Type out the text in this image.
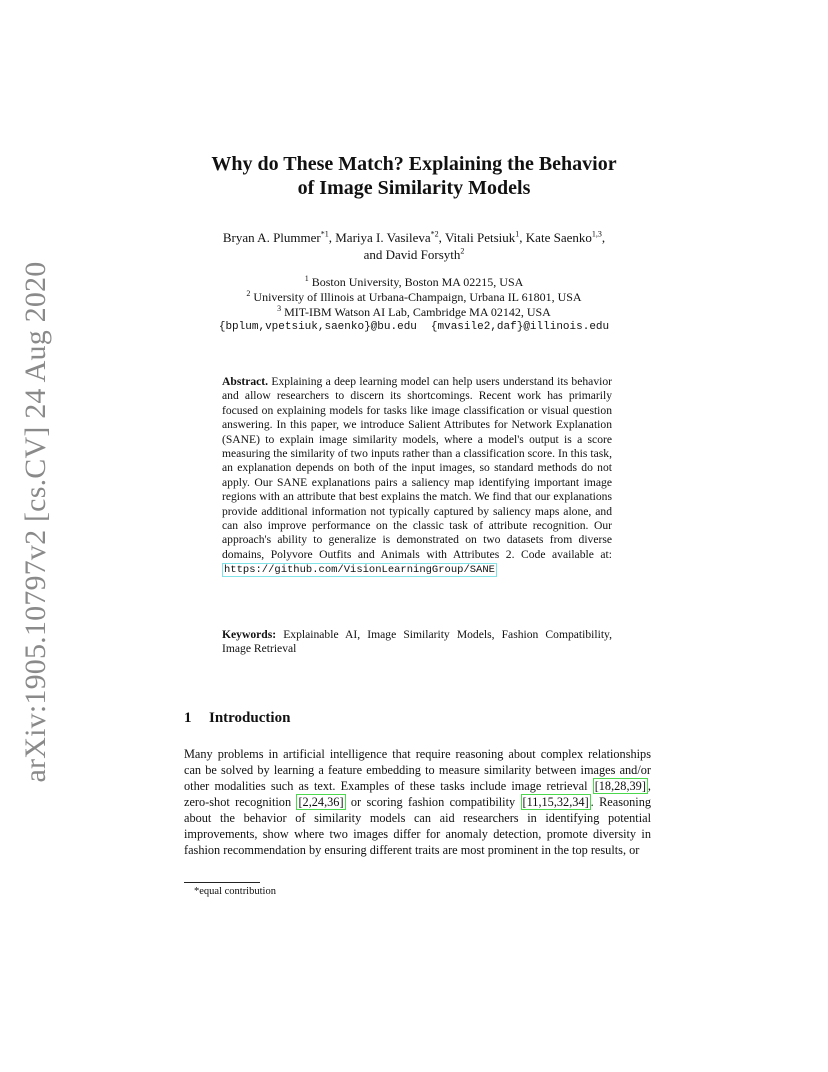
arXiv:1905.10797v2 [cs.CV] 24 Aug 2020
Why do These Match? Explaining the Behavior
of Image Similarity Models
Bryan A. Plummer$^{*1}$, Mariya I. Vasileva$^{*2}$, Vitali Petsiuk$^1$, Kate Saenko$^{1,3}$,
and David Forsyth$^2$
$^1$ Boston University, Boston MA 02215, USA
$^2$ University of Illinois at Urbana-Champaign, Urbana IL 61801, USA
$^3$ MIT-IBM Watson AI Lab, Cambridge MA 02142, USA
{bplum,vpetsiuk,saenko}@bu.edu {mvasile2,daf}@illinois.edu
Abstract. Explaining a deep learning model can help users understand its behavior and allow researchers to discern its shortcomings. Recent work has primarily focused on explaining models for tasks like image classification or visual question answering. In this paper, we introduce Salient Attributes for Network Explanation (SANE) to explain image similarity models, where a model's output is a score measuring the similarity of two inputs rather than a classification score. In this task, an explanation depends on both of the input images, so standard methods do not apply. Our SANE explanations pairs a saliency map identifying important image regions with an attribute that best explains the match. We find that our explanations provide additional information not typically captured by saliency maps alone, and can also improve performance on the classic task of attribute recognition. Our approach's ability to generalize is demonstrated on two datasets from diverse domains, Polyvore Outfits and Animals with Attributes 2. Code available at: https://github.com/VisionLearningGroup/SANE
Keywords: Explainable AI, Image Similarity Models, Fashion Compatibility, Image Retrieval
1 Introduction
Many problems in artificial intelligence that require reasoning about complex relationships can be solved by learning a feature embedding to measure similarity between images and/or other modalities such as text. Examples of these tasks include image retrieval [18,28,39] , zero-shot recognition [2,24,36] or scoring fashion compatibility [11,15,32,34] . Reasoning about the behavior of similarity models can aid researchers in identifying potential improvements, show where two images differ for anomaly detection, promote diversity in fashion recommendation by ensuring different traits are most prominent in the top results, or
*equal contribution
